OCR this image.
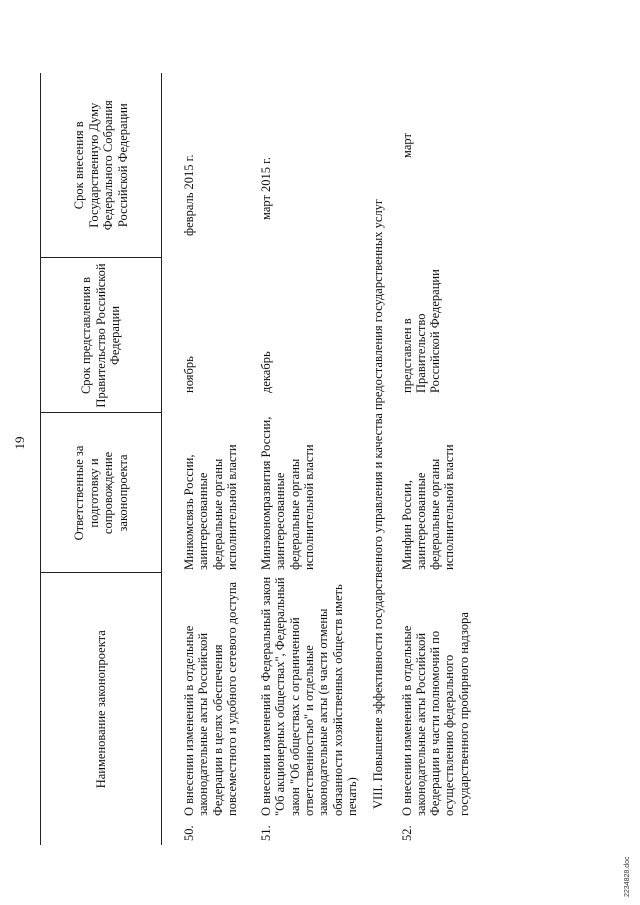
19
Наименование законопроекта		Ответственные за подготовку и сопровождение законопроекта	Срок представления в Правительство Российской Федерации	Срок внесения в Государственную Думу Федерального Собрания Российской Федерации

50.	О внесении изменений в отдельные законодательные акты Российской Федерации в целях обеспечения повсеместного и удобного сетевого доступа	Минкомсвязь России, заинтересованные федеральные органы исполнительной власти	ноябрь	февраль 2015 г.

51.	О внесении изменений в Федеральный закон "Об акционерных обществах", Федеральный закон "Об обществах с ограниченной ответственностью" и отдельные законодательные акты (в части отмены обязанности хозяйственных обществ иметь печать)	Минэкономразвития России, заинтересованные федеральные органы исполнительной власти	декабрь	март 2015 г.
VIII. Повышение эффективности государственного управления и качества предоставления государственных услуг				
52.	О внесении изменений в отдельные законодательные акты Российской Федерации в части полномочий по осуществлению федерального государственного пробирного надзора	Минфин России, заинтересованные федеральные органы исполнительной власти	представлен в Правительство Российской Федерации	март
2234828.doc
